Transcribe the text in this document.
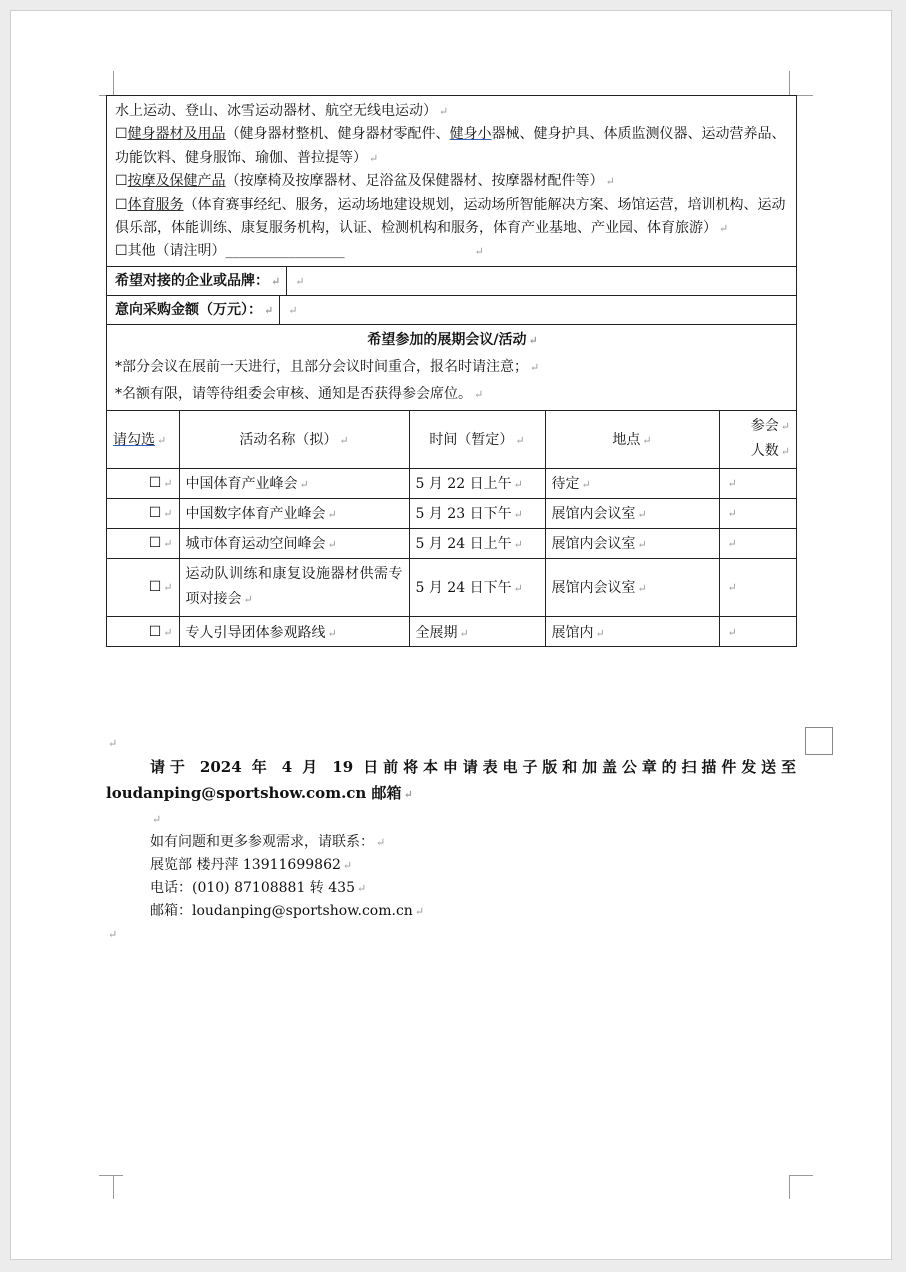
水上运动、登山、冰雪运动器材、航空无线电运动） ↵
☐健身器材及用品（健身器材整机、健身器材零配件、健身小器械、健身护具、体质监测仪器、运动营养品、功能饮料、健身服饰、瑜伽、普拉提等） ↵
☐按摩及保健产品（按摩椅及按摩器材、足浴盆及保健器材、按摩器材配件等） ↵
☐体育服务（体育赛事经纪、服务，运动场地建设规划，运动场所智能解决方案、场馆运营，培训机构、运动俱乐部，体能训练、康复服务机构，认证、检测机构和服务，体育产业基地、产业园、体育旅游） ↵
☐其他（请注明）_________________	↵
希望对接的企业或品牌： ↵	↵
意向采购金额（万元）： ↵	↵
希望参加的展期会议/活动 ↵
*部分会议在展前一天进行，且部分会议时间重合，报名时请注意； ↵
*名额有限，请等待组委会审核、通知是否获得参会席位。 ↵
请勾选 ↵	活动名称（拟） ↵	时间（暂定） ↵	地点 ↵	参会 ↵
人数 ↵

☐ ↵	中国体育产业峰会 ↵	5 月 22 日上午 ↵	待定 ↵	↵
☐ ↵	中国数字体育产业峰会 ↵	5 月 23 日下午 ↵	展馆内会议室 ↵	↵
☐ ↵	城市体育运动空间峰会 ↵	5 月 24 日上午 ↵	展馆内会议室 ↵	↵
☐ ↵	运动队训练和康复设施器材供需专项对接会 ↵	5 月 24 日下午 ↵	展馆内会议室 ↵	↵
☐ ↵	专人引导团体参观路线 ↵	全展期 ↵	展馆内 ↵	↵
↵
请于 2024 年 4 月 19 日前将本申请表电子版和加盖公章的扫描件发送至 loudanping@sportshow.com.cn 邮箱 ↵
↵
如有问题和更多参观需求，请联系： ↵
展览部 楼丹萍 13911699862 ↵
电话：(010) 87108881 转 435 ↵
邮箱：loudanping@sportshow.com.cn ↵
↵
